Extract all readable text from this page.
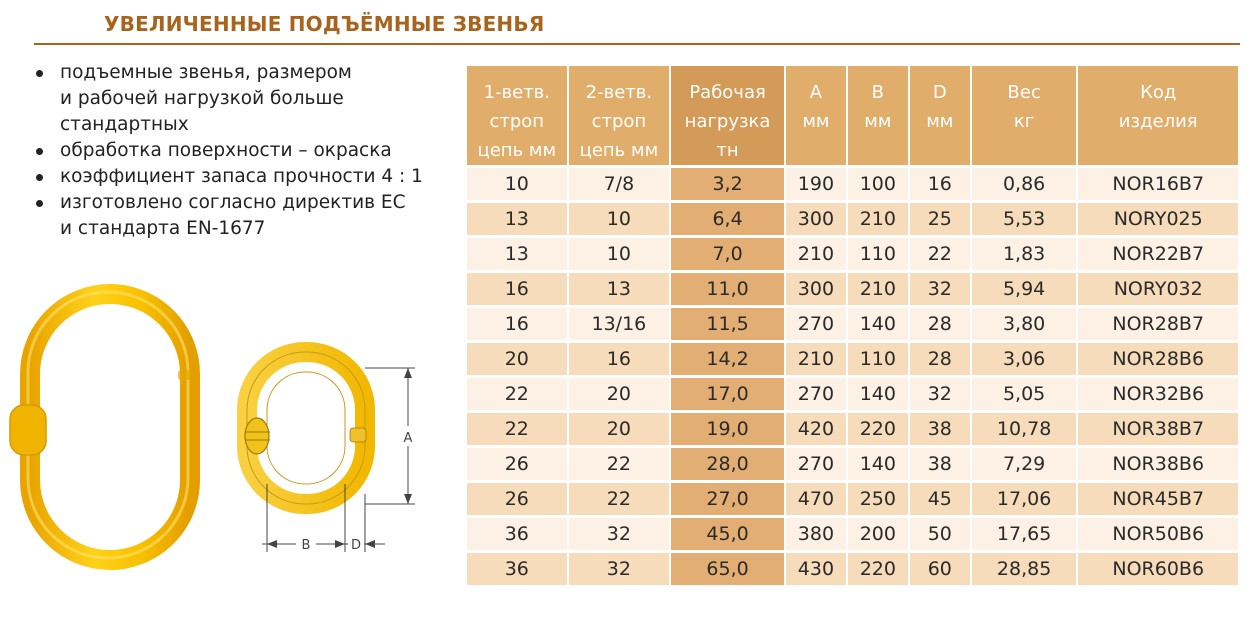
УВЕЛИЧЕННЫЕ ПОДЪЁМНЫЕ ЗВЕНЬЯ
подъемные звенья, размером
и рабочей нагрузкой больше
стандартных
обработка поверхности – окраска
коэффициент запаса прочности 4 : 1
изготовлено согласно директив ЕС
и стандарта EN-1677
B	D
A
1-ветв.
строп
цепь мм	2-ветв.
строп
цепь мм	Рабочая
нагрузка
тн	A
мм	B
мм	D
мм	Вес
кг	Код
изделия

10	7/8	3,2	190	100	16	0,86	NOR16B7
13	10	6,4	300	210	25	5,53	NORY025
13	10	7,0	210	110	22	1,83	NOR22B7
16	13	11,0	300	210	32	5,94	NORY032
16	13/16	11,5	270	140	28	3,80	NOR28B7
20	16	14,2	210	110	28	3,06	NOR28B6
22	20	17,0	270	140	32	5,05	NOR32B6
22	20	19,0	420	220	38	10,78	NOR38B7
26	22	28,0	270	140	38	7,29	NOR38B6
26	22	27,0	470	250	45	17,06	NOR45B7
36	32	45,0	380	200	50	17,65	NOR50B6
36	32	65,0	430	220	60	28,85	NOR60B6
